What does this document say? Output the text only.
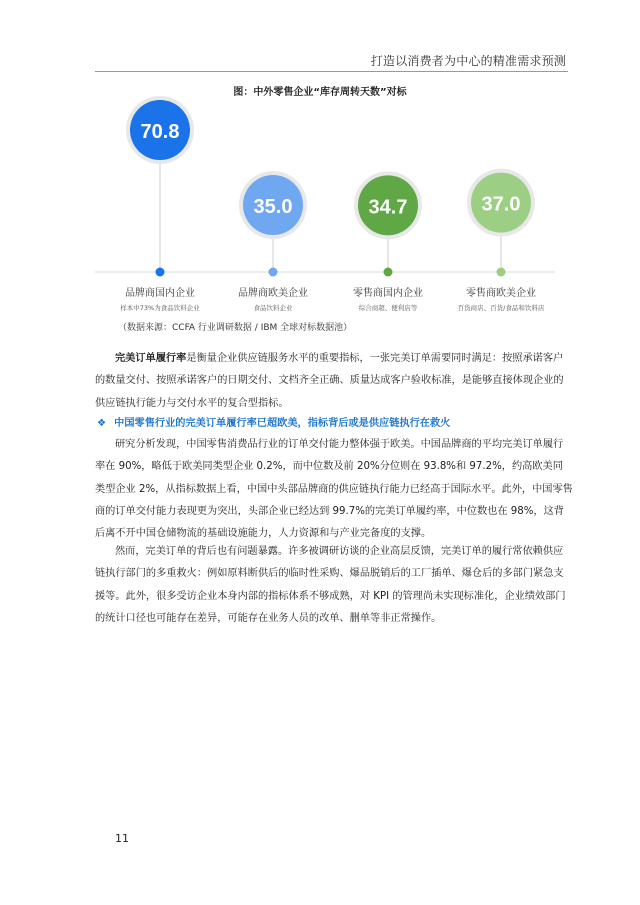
打造以消费者为中心的精准需求预测
图：中外零售企业“库存周转天数”对标
70.8
品牌商国内企业
样本中73%为食品饮料企业
35.0
品牌商欧美企业
食品饮料企业
34.7
零售商国内企业
综合商超、便利店等
37.0
零售商欧美企业
百货商店、百货/食品和饮料店
（数据来源：CCFA 行业调研数据 / IBM 全球对标数据池）
完美订单履行率是衡量企业供应链服务水平的重要指标，一张完美订单需要同时满足：按照承诺客户的数量交付、按照承诺客户的日期交付、文档齐全正确、质量达成客户验收标准，是能够直接体现企业的供应链执行能力与交付水平的复合型指标。
❖ 中国零售行业的完美订单履行率已超欧美，指标背后或是供应链执行在救火
研究分析发现，中国零售消费品行业的订单交付能力整体强于欧美。中国品牌商的平均完美订单履行率在 90%，略低于欧美同类型企业 0.2%，而中位数及前 20%分位则在 93.8%和 97.2%，约高欧美同类型企业 2%，从指标数据上看，中国中头部品牌商的供应链执行能力已经高于国际水平。此外，中国零售商的订单交付能力表现更为突出，头部企业已经达到 99.7%的完美订单履约率，中位数也在 98%，这背后离不开中国仓储物流的基础设施能力，人力资源和与产业完备度的支撑。
然而，完美订单的背后也有问题暴露。许多被调研访谈的企业高层反馈，完美订单的履行常依赖供应链执行部门的多重救火：例如原料断供后的临时性采购、爆品脱销后的工厂插单、爆仓后的多部门紧急支援等。此外，很多受访企业本身内部的指标体系不够成熟，对 KPI 的管理尚未实现标准化，企业绩效部门的统计口径也可能存在差异，可能存在业务人员的改单、删单等非正常操作。
11
